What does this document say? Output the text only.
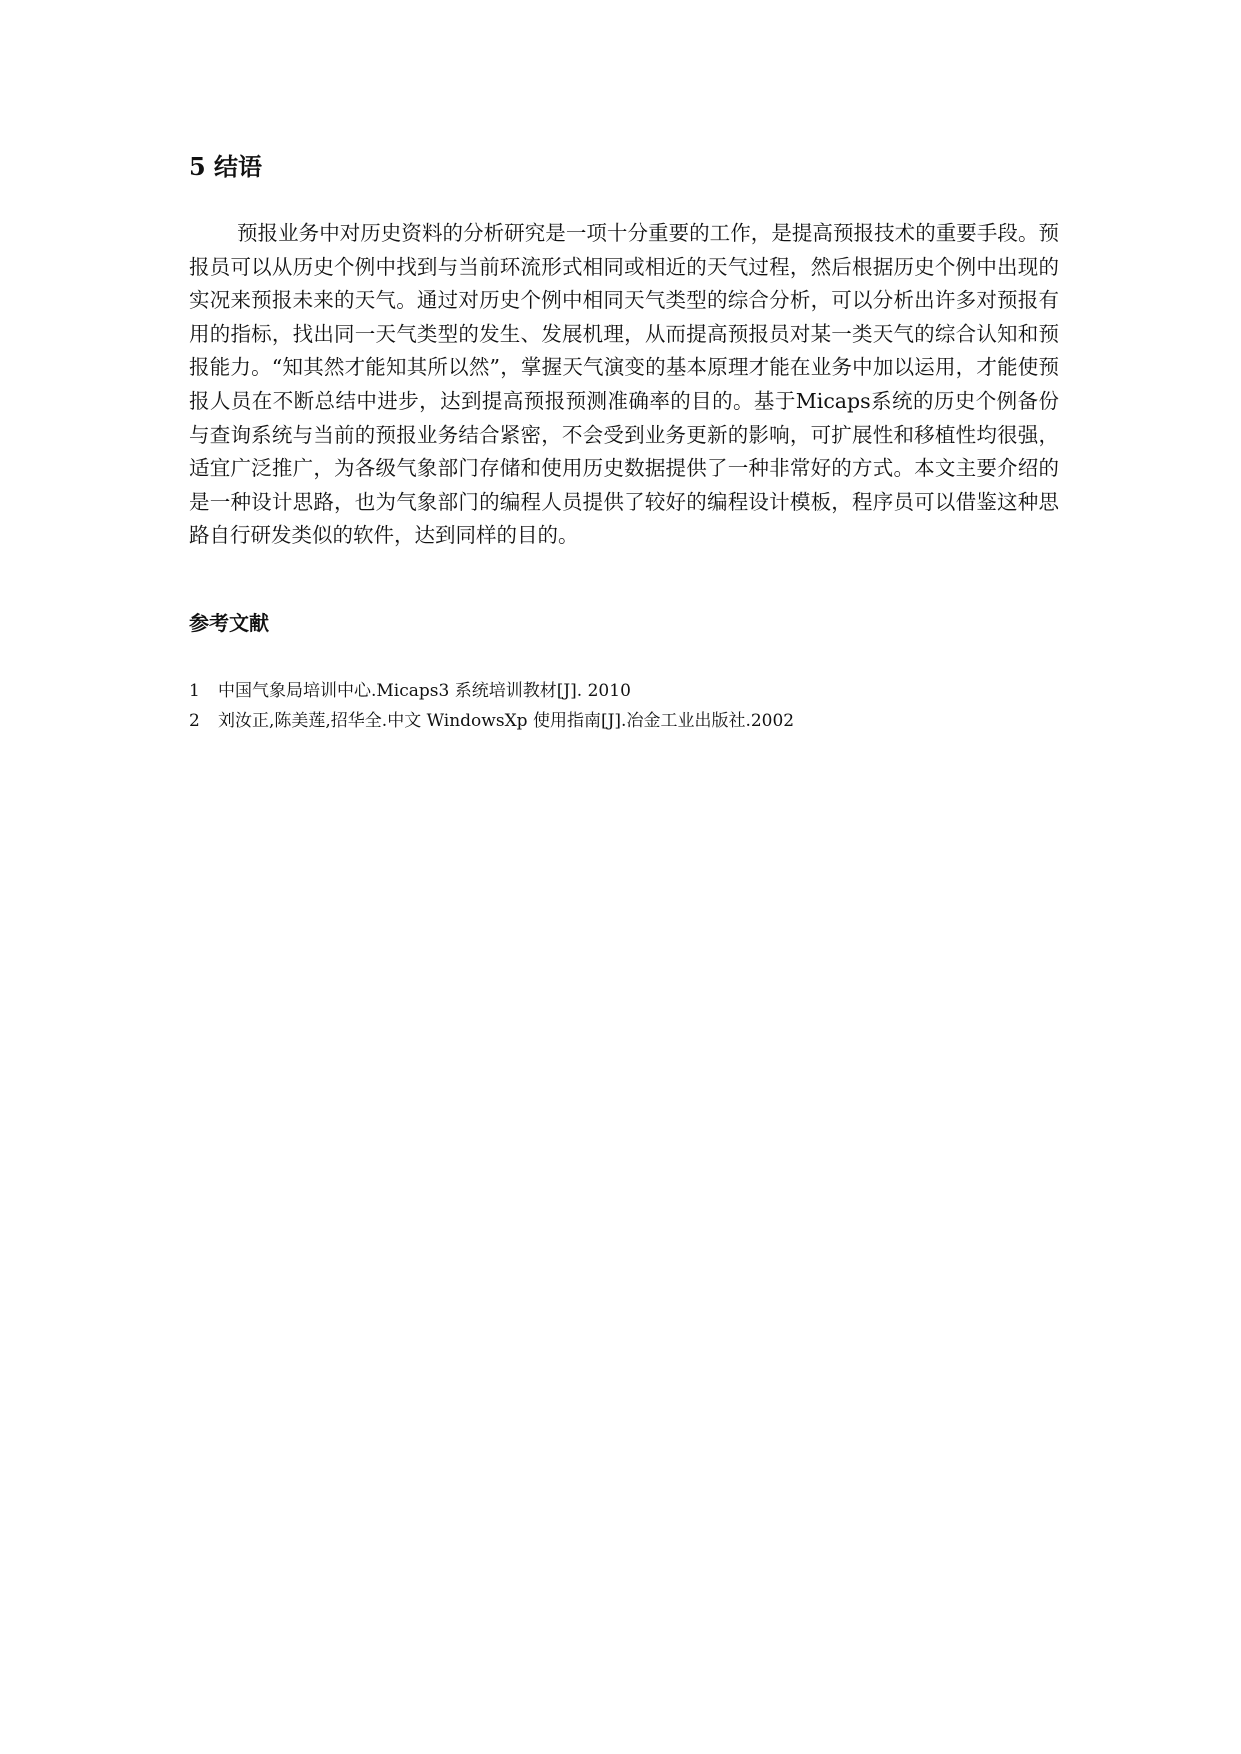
5 结语

预报业务中对历史资料的分析研究是一项十分重要的工作，是提高预报技术的重要手段。预报员可以从历史个例中找到与当前环流形式相同或相近的天气过程，然后根据历史个例中出现的实况来预报未来的天气。通过对历史个例中相同天气类型的综合分析，可以分析出许多对预报有用的指标，找出同一天气类型的发生、发展机理，从而提高预报员对某一类天气的综合认知和预报能力。“知其然才能知其所以然”，掌握天气演变的基本原理才能在业务中加以运用，才能使预报人员在不断总结中进步，达到提高预报预测准确率的目的。基于Micaps系统的历史个例备份与查询系统与当前的预报业务结合紧密，不会受到业务更新的影响，可扩展性和移植性均很强，适宜广泛推广，为各级气象部门存储和使用历史数据提供了一种非常好的方式。本文主要介绍的是一种设计思路，也为气象部门的编程人员提供了较好的编程设计模板，程序员可以借鉴这种思路自行研发类似的软件，达到同样的目的。

参考文献
1 中国气象局培训中心.Micaps3 系统培训教材[J]. 2010
2 刘汝正,陈美莲,招华全.中文 WindowsXp 使用指南[J].冶金工业出版社.2002
